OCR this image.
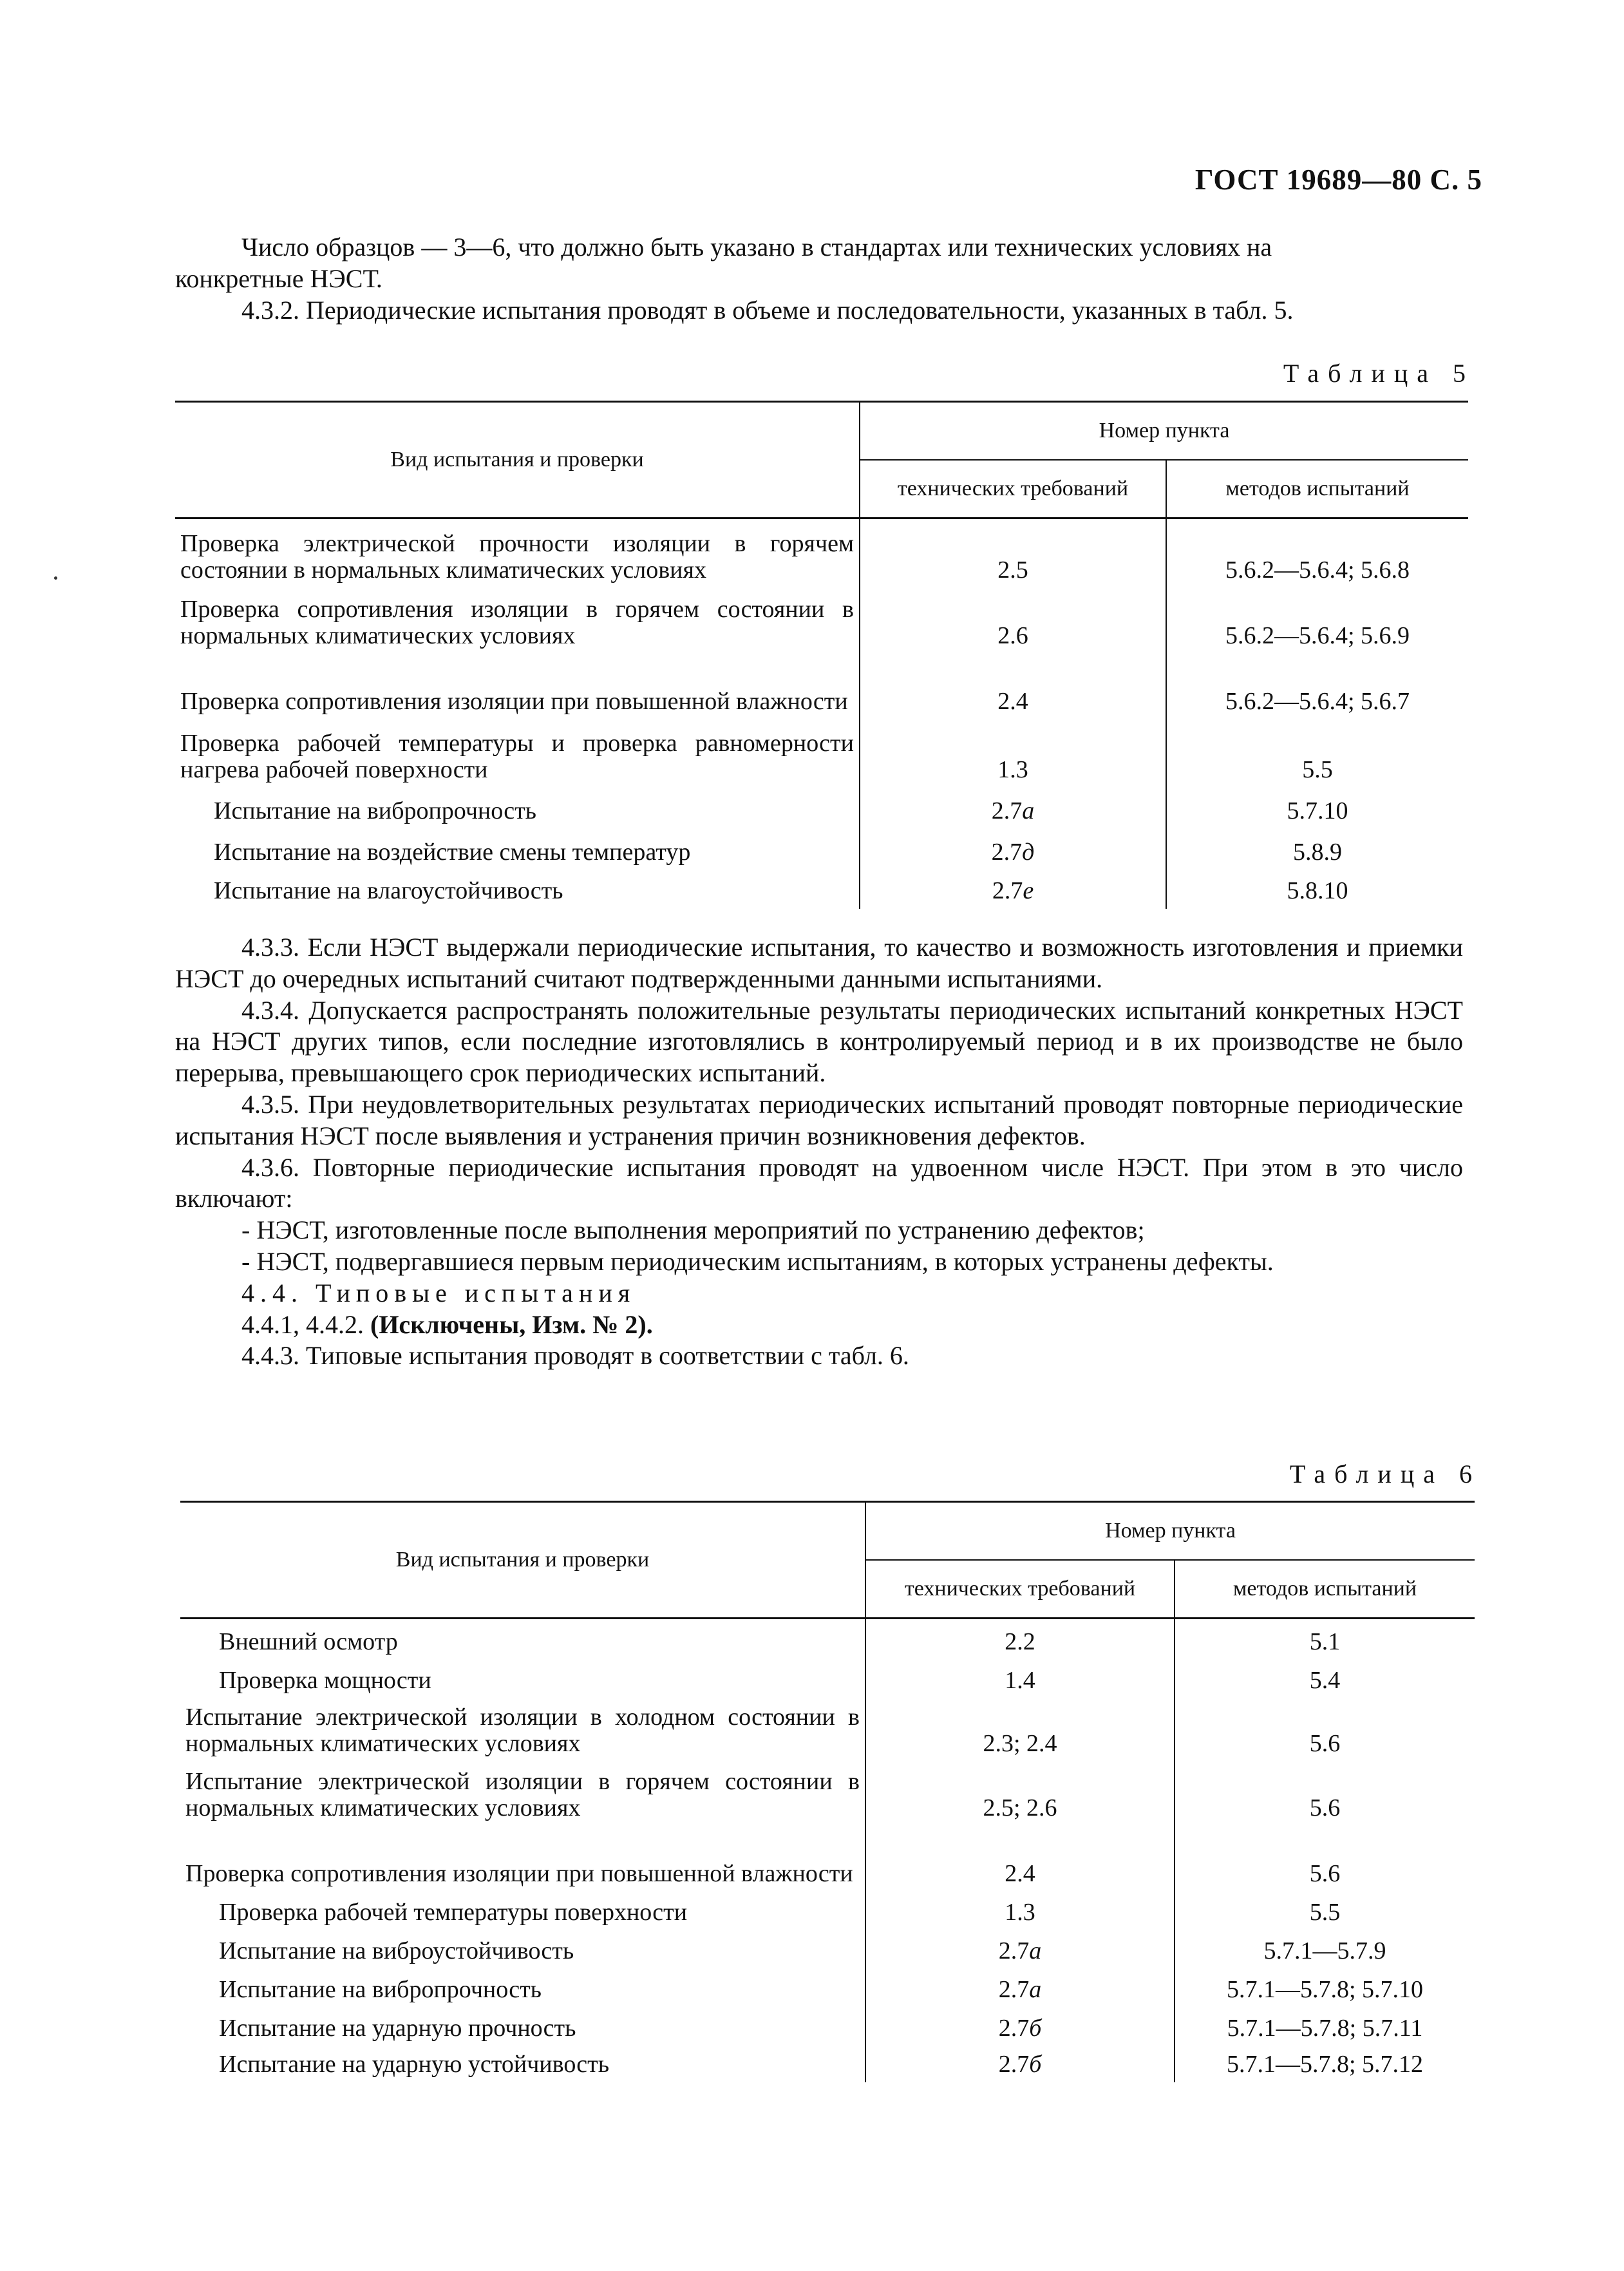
ГОСТ 19689—80 С. 5

Число образцов — 3—6, что должно быть указано в стандартах или технических условиях на

конкретные НЭСТ.

4.3.2. Периодические испытания проводят в объеме и последовательности, указанных в табл. 5.

Таблица 5
Вид испытания и проверки	Номер пункта	
	технических требований	методов испытаний
Проверка электрической прочности изоляции в горячем состоянии в нормальных климатических условиях	2.5	5.6.2—5.6.4; 5.6.8
Проверка сопротивления изоляции в горячем состоянии в нормальных климатических условиях	2.6	5.6.2—5.6.4; 5.6.9
Проверка сопротивления изоляции при повышенной влажности	2.4	5.6.2—5.6.4; 5.6.7
Проверка рабочей температуры и проверка равномерности нагрева рабочей поверхности	1.3	5.5
Испытание на вибропрочность	2.7а	5.7.10
Испытание на воздействие смены температур	2.7д	5.8.9
Испытание на влагоустойчивость	2.7е	5.8.10

4.3.3. Если НЭСТ выдержали периодические испытания, то качество и возможность изготовления и приемки НЭСТ до очередных испытаний считают подтвержденными данными испытаниями.

4.3.4. Допускается распространять положительные результаты периодических испытаний конкретных НЭСТ на НЭСТ других типов, если последние изготовлялись в контролируемый период и в их производстве не было перерыва, превышающего срок периодических испытаний.

4.3.5. При неудовлетворительных результатах периодических испытаний проводят повторные периодические испытания НЭСТ после выявления и устранения причин возникновения дефектов.

4.3.6. Повторные периодические испытания проводят на удвоенном числе НЭСТ. При этом в это число включают:

- НЭСТ, изготовленные после выполнения мероприятий по устранению дефектов;

- НЭСТ, подвергавшиеся первым периодическим испытаниям, в которых устранены дефекты.

4.4. Типовые испытания

4.4.1, 4.4.2. (Исключены, Изм. № 2).

4.4.3. Типовые испытания проводят в соответствии с табл. 6.

Таблица 6
Вид испытания и проверки	Номер пункта	
	технических требований	методов испытаний
Внешний осмотр	2.2	5.1
Проверка мощности	1.4	5.4
Испытание электрической изоляции в холодном состоянии в нормальных климатических условиях	2.3; 2.4	5.6
Испытание электрической изоляции в горячем состоянии в нормальных климатических условиях	2.5; 2.6	5.6
Проверка сопротивления изоляции при повышенной влажности	2.4	5.6
Проверка рабочей температуры поверхности	1.3	5.5
Испытание на виброустойчивость	2.7а	5.7.1—5.7.9
Испытание на вибропрочность	2.7а	5.7.1—5.7.8; 5.7.10
Испытание на ударную прочность	2.7б	5.7.1—5.7.8; 5.7.11
Испытание на ударную устойчивость	2.7б	5.7.1—5.7.8; 5.7.12
